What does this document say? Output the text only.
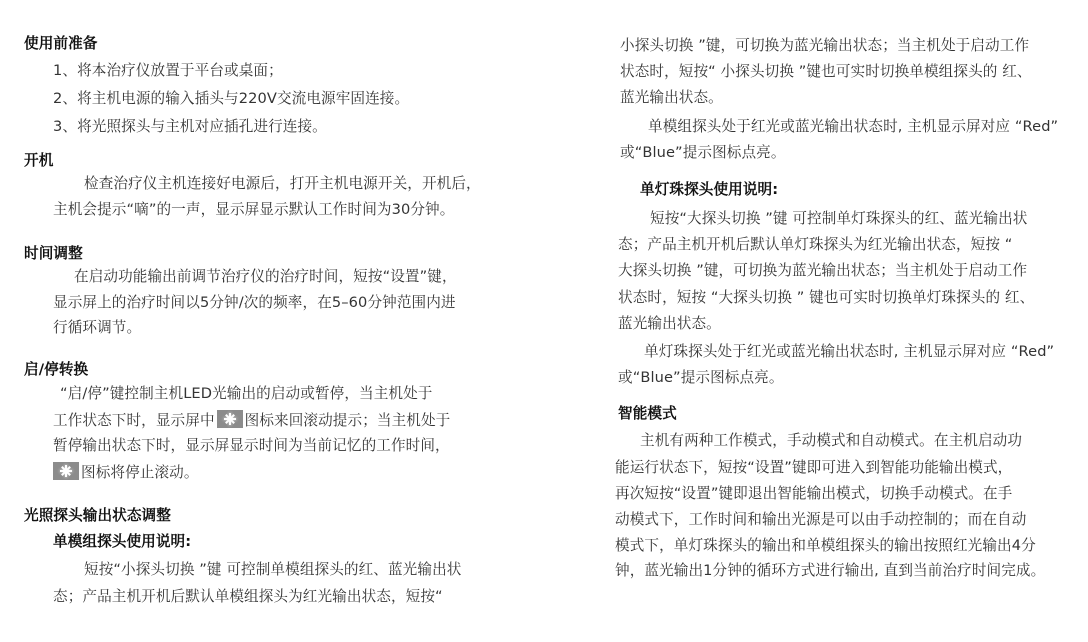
使用前准备
1、将本治疗仪放置于平台或桌面；
2、将主机电源的输入插头与220V交流电源牢固连接。
3、将光照探头与主机对应插孔进行连接。
开机
检查治疗仪主机连接好电源后，打开主机电源开关，开机后，
主机会提示“嘀”的一声，显示屏显示默认工作时间为30分钟。
时间调整
在启动功能输出前调节治疗仪的治疗时间，短按“设置”键，
显示屏上的治疗时间以5分钟/次的频率，在5–60分钟范围内进
行循环调节。
启/停转换
“启/停”键控制主机LED光输出的启动或暂停，当主机处于
工作状态下时，显示屏中 图标来回滚动提示；当主机处于
暂停输出状态下时，显示屏显示时间为当前记忆的工作时间，
图标将停止滚动。
光照探头输出状态调整
单模组探头使用说明:
短按“小探头切换 ”键 可控制单模组探头的红、蓝光输出状
态；产品主机开机后默认单模组探头为红光输出状态，短按“
小探头切换 ”键，可切换为蓝光输出状态；当主机处于启动工作
状态时，短按“ 小探头切换 ”键也可实时切换单模组探头的 红、
蓝光输出状态。
单模组探头处于红光或蓝光输出状态时, 主机显示屏对应 “Red”
或“Blue”提示图标点亮。
单灯珠探头使用说明:
短按“大探头切换 ”键 可控制单灯珠探头的红、蓝光输出状
态；产品主机开机后默认单灯珠探头为红光输出状态，短按 “
大探头切换 ”键，可切换为蓝光输出状态；当主机处于启动工作
状态时，短按 “大探头切换 ” 键也可实时切换单灯珠探头的 红、
蓝光输出状态。
单灯珠探头处于红光或蓝光输出状态时, 主机显示屏对应 “Red”
或“Blue”提示图标点亮。
智能模式
主机有两种工作模式，手动模式和自动模式。在主机启动功
能运行状态下，短按“设置”键即可进入到智能功能输出模式，
再次短按“设置”键即退出智能输出模式，切换手动模式。在手
动模式下，工作时间和输出光源是可以由手动控制的；而在自动
模式下，单灯珠探头的输出和单模组探头的输出按照红光输出4分
钟，蓝光输出1分钟的循环方式进行输出, 直到当前治疗时间完成。
